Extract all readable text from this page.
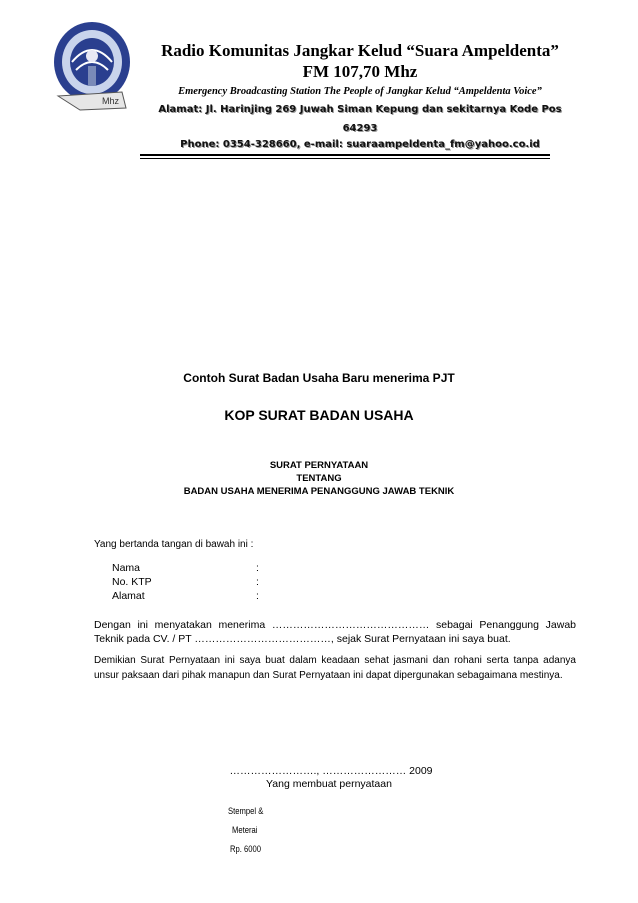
Mhz
Radio Komunitas Jangkar Kelud “Suara Ampeldenta”
FM 107,70 Mhz
Emergency Broadcasting Station The People of Jangkar Kelud “Ampeldenta Voice”
Alamat: Jl. Harinjing 269 Juwah Siman Kepung dan sekitarnya Kode Pos
64293
Phone: 0354-328660, e-mail: suaraampeldenta_fm@yahoo.co.id
Contoh Surat Badan Usaha Baru menerima PJT
KOP SURAT BADAN USAHA
SURAT PERNYATAAN
TENTANG
BADAN USAHA MENERIMA PENANGGUNG JAWAB TEKNIK
Yang bertanda tangan di bawah ini :
Nama	:
No. KTP	:
Alamat	:
Dengan ini menyatakan menerima ……………………………………… sebagai Penanggung Jawab Teknik pada CV. / PT …………………………………, sejak Surat Pernyataan ini saya buat.
Demikian Surat Pernyataan ini saya buat dalam keadaan sehat jasmani dan rohani serta tanpa adanya unsur paksaan dari pihak manapun dan Surat Pernyataan ini dapat dipergunakan sebagaimana mestinya.
……………………., …………………… 2009
Yang membuat pernyataan
Stempel &
Meterai
Rp. 6000
